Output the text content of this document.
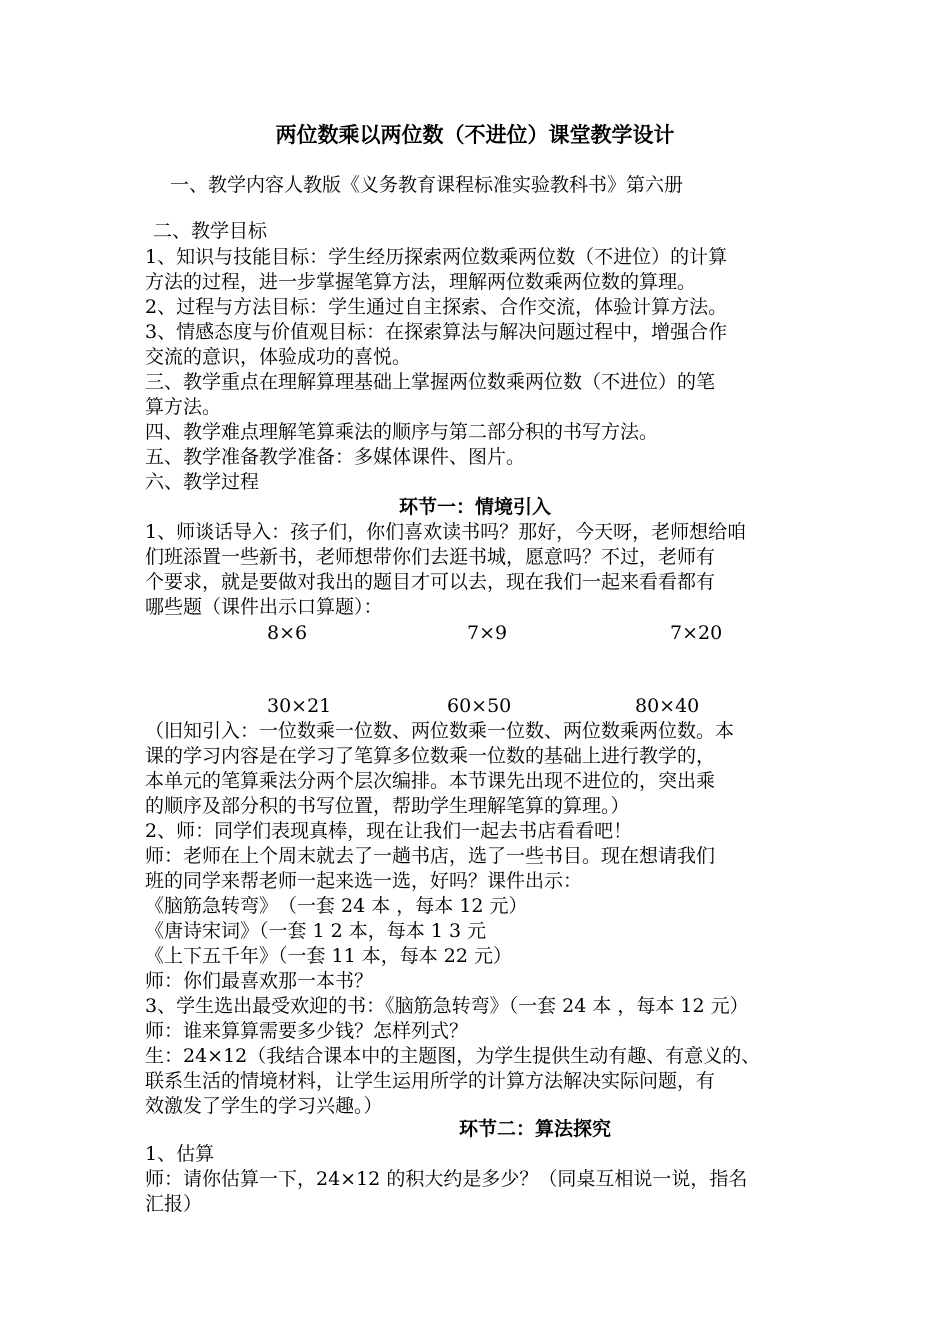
两位数乘以两位数（不进位）课堂教学设计
一、教学内容人教版《义务教育课程标准实验教科书》第六册
二、教学目标
1、知识与技能目标：学生经历探索两位数乘两位数（不进位）的计算
方法的过程，进一步掌握笔算方法，理解两位数乘两位数的算理。
2、过程与方法目标：学生通过自主探索、合作交流，体验计算方法。
3、情感态度与价值观目标：在探索算法与解决问题过程中，增强合作
交流的意识，体验成功的喜悦。
三、教学重点在理解算理基础上掌握两位数乘两位数（不进位）的笔
算方法。
四、教学难点理解笔算乘法的顺序与第二部分积的书写方法。
五、教学准备教学准备：多媒体课件、图片。
六、教学过程
环节一：情境引入
1、师谈话导入：孩子们，你们喜欢读书吗？那好，今天呀，老师想给咱
们班添置一些新书，老师想带你们去逛书城，愿意吗？不过，老师有
个要求，就是要做对我出的题目才可以去，现在我们一起来看看都有
哪些题（课件出示口算题）：
8×6	7×9	7×20
30×21	60×50	80×40
（旧知引入：一位数乘一位数、两位数乘一位数、两位数乘两位数。本
课的学习内容是在学习了笔算多位数乘一位数的基础上进行教学的，
本单元的笔算乘法分两个层次编排。本节课先出现不进位的，突出乘
的顺序及部分积的书写位置，帮助学生理解笔算的算理。）
2、师：同学们表现真棒，现在让我们一起去书店看看吧！
师：老师在上个周末就去了一趟书店，选了一些书目。现在想请我们
班的同学来帮老师一起来选一选，好吗？课件出示：
《脑筋急转弯》　（一套 24 本 ，每本 12 元）
《唐诗宋词》（一套 1 2 本，每本 1 3 元
《上下五千年》（一套 11 本，每本 22 元）
师：你们最喜欢那一本书？
3、学生选出最受欢迎的书：《脑筋急转弯》（一套 24 本 ，每本 12 元）
师：谁来算算需要多少钱？怎样列式？
生：24×12（我结合课本中的主题图，为学生提供生动有趣、有意义的、
联系生活的情境材料，让学生运用所学的计算方法解决实际问题，有
效激发了学生的学习兴趣。）
环节二：算法探究
1、估算
师：请你估算一下，24×12 的积大约是多少？（同桌互相说一说，指名
汇报）
